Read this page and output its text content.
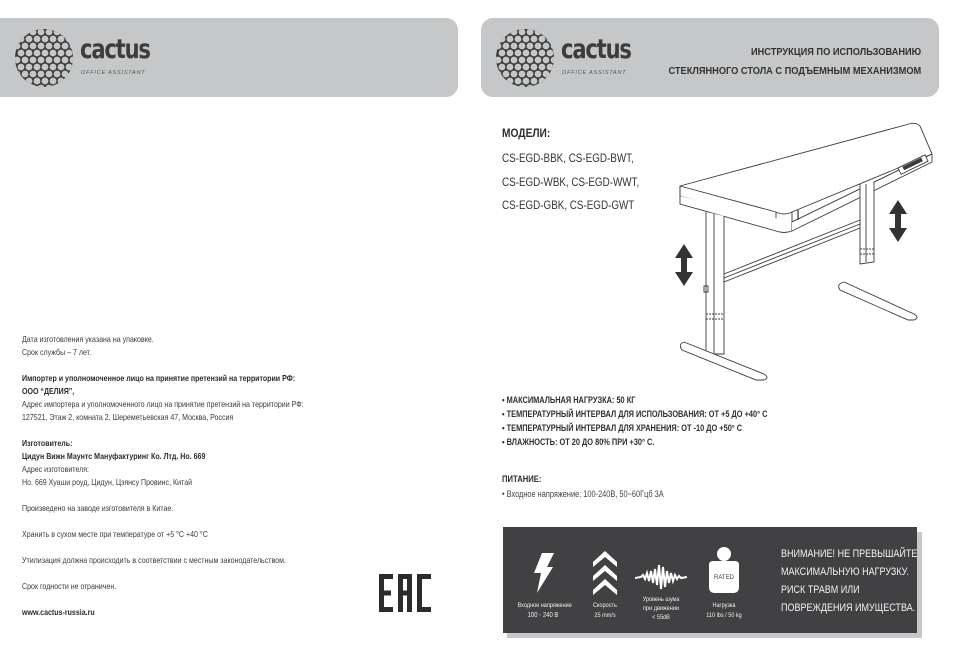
cactus
OFFICE ASSISTANT
cactus
OFFICE ASSISTANT
ИНСТРУКЦИЯ ПО ИСПОЛЬЗОВАНИЮ
СТЕКЛЯННОГО СТОЛА С ПОДЪЕМНЫМ МЕХАНИЗМОМ
МОДЕЛИ:
CS-EGD-BBK, CS-EGD-BWT,
CS-EGD-WBK, CS-EGD-WWT,
CS-EGD-GBK, CS-EGD-GWT
• МАКСИМАЛЬНАЯ НАГРУЗКА: 50 КГ
• ТЕМПЕРАТУРНЫЙ ИНТЕРВАЛ ДЛЯ ИСПОЛЬЗОВАНИЯ: ОТ +5 ДО +40° С
• ТЕМПЕРАТУРНЫЙ ИНТЕРВАЛ ДЛЯ ХРАНЕНИЯ: ОТ -10 ДО +50° С
• ВЛАЖНОСТЬ: ОТ 20 ДО 80% ПРИ +30° С.
ПИТАНИЕ:
• Входное напряжение: 100-240В, 50~60Гцб 3А
Входное напряжение
100 - 240 В
Скорость
25 mm/s
Уровень шума
при движении
< 55dB
RATED
Нагрузка
110 lbs / 50 kg
ВНИМАНИЕ! НЕ ПРЕВЫШАЙТЕ
МАКСИМАЛЬНУЮ НАГРУЗКУ.
РИСК ТРАВМ ИЛИ
ПОВРЕЖДЕНИЯ ИМУЩЕСТВА.

Дата изготовления указана на упаковке.

Срок службы – 7 лет.

Импортер и уполномоченное лицо на принятие претензий на территории РФ:

ООО “ДЕЛИЯ”,

Адрес импортера и уполномоченного лицо на принятие претензий на территории РФ:

127521, Этаж 2, комната 2, Шереметьевская 47, Москва, Россия

Изготовитель:

Цидун Вижн Маунтс Мануфактуринг Ко. Лтд. Но. 669

Адрес изготовителя:

Но. 669 Хуаши роуд, Цидун, Цзянсу Провинс, Китай

Произведено на заводе изготовителя в Китае.

Хранить в сухом месте при температуре от +5 °C +40 °C

Утилизация должна происходить в соответствии с местным законодательством.

Срок годности не ограничен.

www.cactus-russia.ru
